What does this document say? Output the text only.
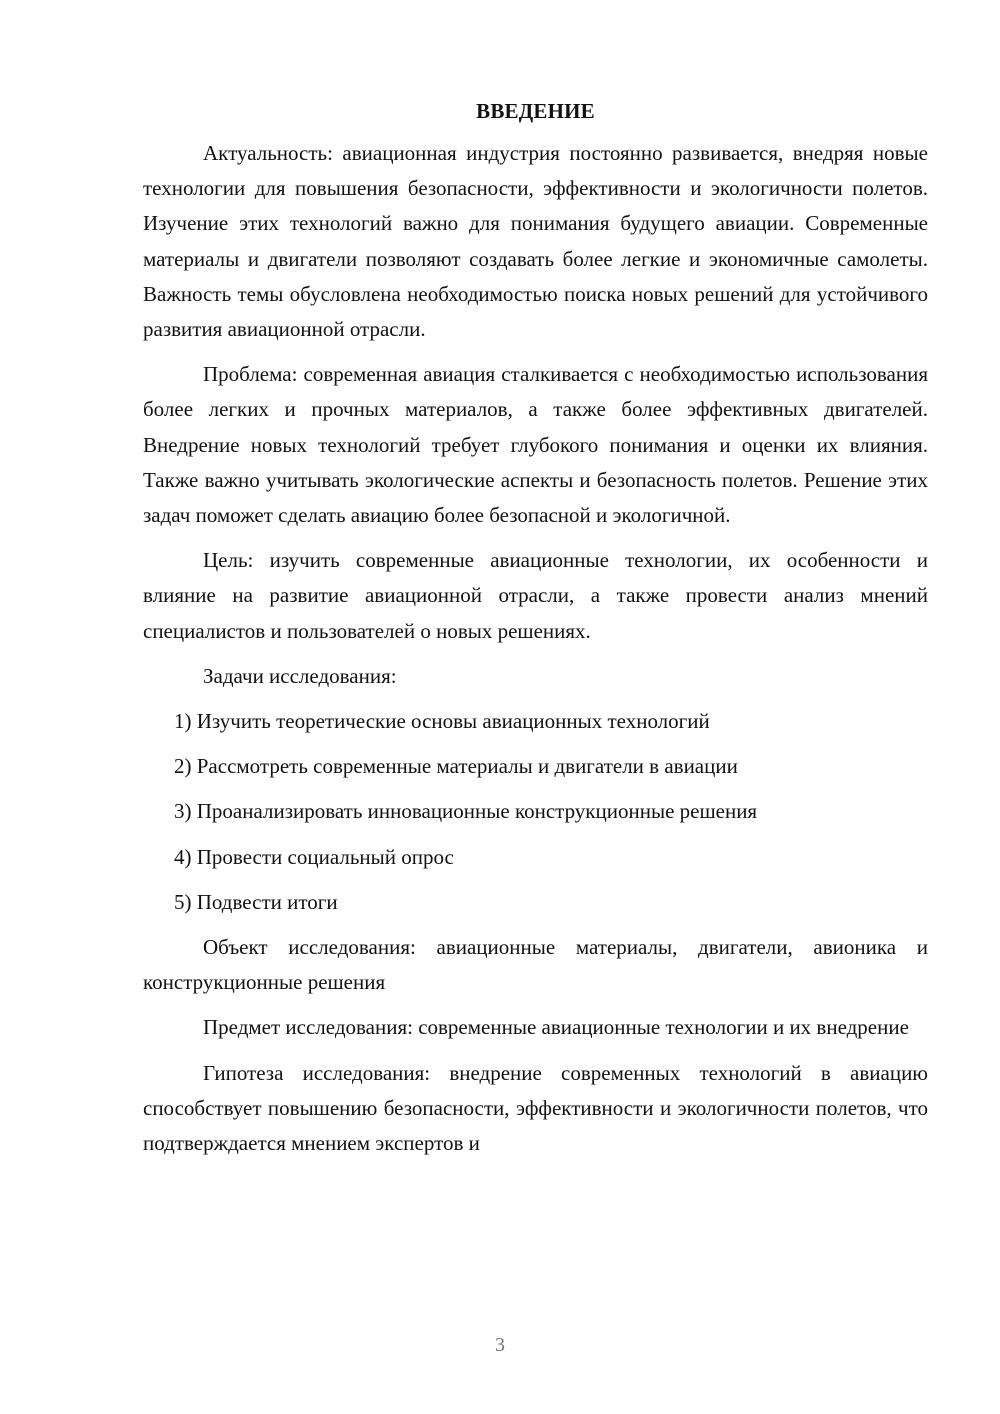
ВВЕДЕНИЕ

Актуальность: авиационная индустрия постоянно развивается, внедряя новые технологии для повышения безопасности, эффективности и экологичности полетов. Изучение этих технологий важно для понимания будущего авиации. Современные материалы и двигатели позволяют создавать более легкие и экономичные самолеты. Важность темы обусловлена необходимостью поиска новых решений для устойчивого развития авиационной отрасли.

Проблема: современная авиация сталкивается с необходимостью использования более легких и прочных материалов, а также более эффективных двигателей. Внедрение новых технологий требует глубокого понимания и оценки их влияния. Также важно учитывать экологические аспекты и безопасность полетов. Решение этих задач поможет сделать авиацию более безопасной и экологичной.

Цель: изучить современные авиационные технологии, их особенности и влияние на развитие авиационной отрасли, а также провести анализ мнений специалистов и пользователей о новых решениях.

Задачи исследования:

1) Изучить теоретические основы авиационных технологий
2) Рассмотреть современные материалы и двигатели в авиации
3) Проанализировать инновационные конструкционные решения
4) Провести социальный опрос
5) Подвести итоги

Объект исследования: авиационные материалы, двигатели, авионика и конструкционные решения

Предмет исследования: современные авиационные технологии и их внедрение

Гипотеза исследования: внедрение современных технологий в авиацию способствует повышению безопасности, эффективности и экологичности полетов, что подтверждается мнением экспертов и

3
